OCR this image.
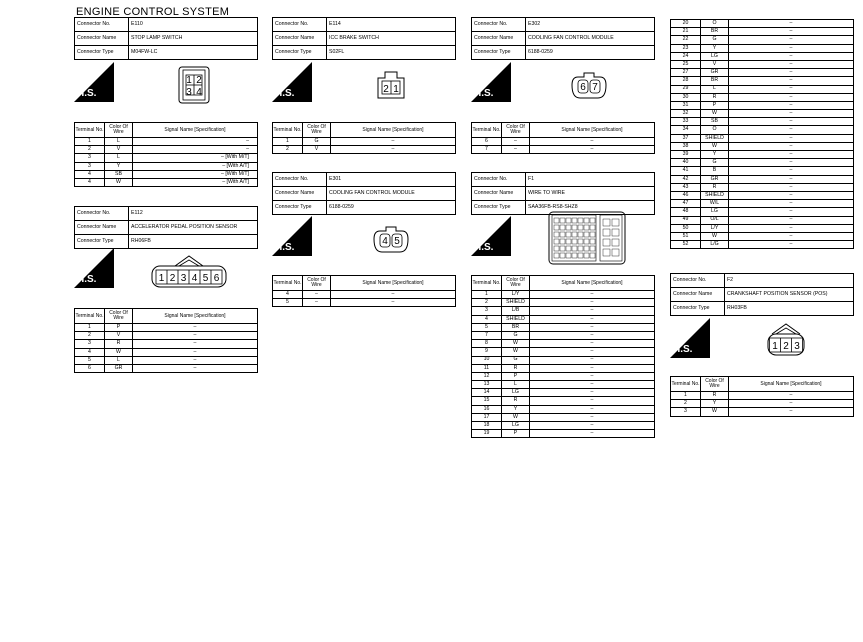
ENGINE CONTROL SYSTEM
Connector No.	E110
Connector Name	STOP LAMP SWITCH
Connector Type	M04FW-LC
H.S.
1 2
3 4
Terminal No.	Color Of Wire	Signal Name [Specification]
1	L	–
2	V	–
3	L	– [With M/T]
3	Y	– [With A/T]
4	SB	– [With M/T]
4	W	– [With A/T]
Connector No.	E112
Connector Name	ACCELERATOR PEDAL POSITION SENSOR
Connector Type	RH06FB
H.S.	1 2 3 4 5 6
Terminal No.	Color Of Wire	Signal Name [Specification]
1	P	–
2	V	–
3	R	–
4	W	–
5	L	–
6	GR	–
Connector No.	E114
Connector Name	ICC BRAKE SWITCH
Connector Type	S02FL
H.S.	2 1
Terminal No.	Color Of Wire	Signal Name [Specification]
1	G	–
2	V	–
Connector No.	E301
Connector Name	COOLING FAN CONTROL MODULE
Connector Type	6188-0259
H.S.
4 5
Terminal No.	Color Of Wire	Signal Name [Specification]
4	–	–
5	–	–
Connector No.	E302
Connector Name	COOLING FAN CONTROL MODULE
Connector Type	6188-0259
H.S.
6 7
Terminal No.	Color Of Wire	Signal Name [Specification]
6	–	–
7	–	–
Connector No.	F1
Connector Name	WIRE TO WIRE
Connector Type	SAA36FB-RS8-SHZ8
H.S.
Terminal No.	Color Of Wire	Signal Name [Specification]
1	L/Y	–
2	SHIELD	–
3	L/B	–
4	SHIELD	–
5	BR	–
7	G	–
8	W	–
9	W	–
10	G	–
11	R	–
12	P	–
13	L	–
14	LG	–
15	R	–
16	Y	–
17	W	–
18	LG	–
19	P	–
20	O	–
21	BR	–
22	G	–
23	Y	–
24	LG	–
25	V	–
27	GR	–
28	BR	–
29	L	–
30	R	–
31	P	–
32	W	–
33	SB	–
34	O	–
37	SHIELD	–
38	W	–
39	Y	–
40	G	–
41	B	–
42	GR	–
43	R	–
46	SHIELD	–
47	W/L	–
48	LG	–
49	O/L	–
50	L/Y	–
51	W	–
52	L/G	–
Connector No.	F2
Connector Name	CRANKSHAFT POSITION SENSOR (POS)
Connector Type	RH03FB
H.S.	1 2 3
Terminal No.	Color Of Wire	Signal Name [Specification]
1	R	–
2	Y	–
3	W	–
